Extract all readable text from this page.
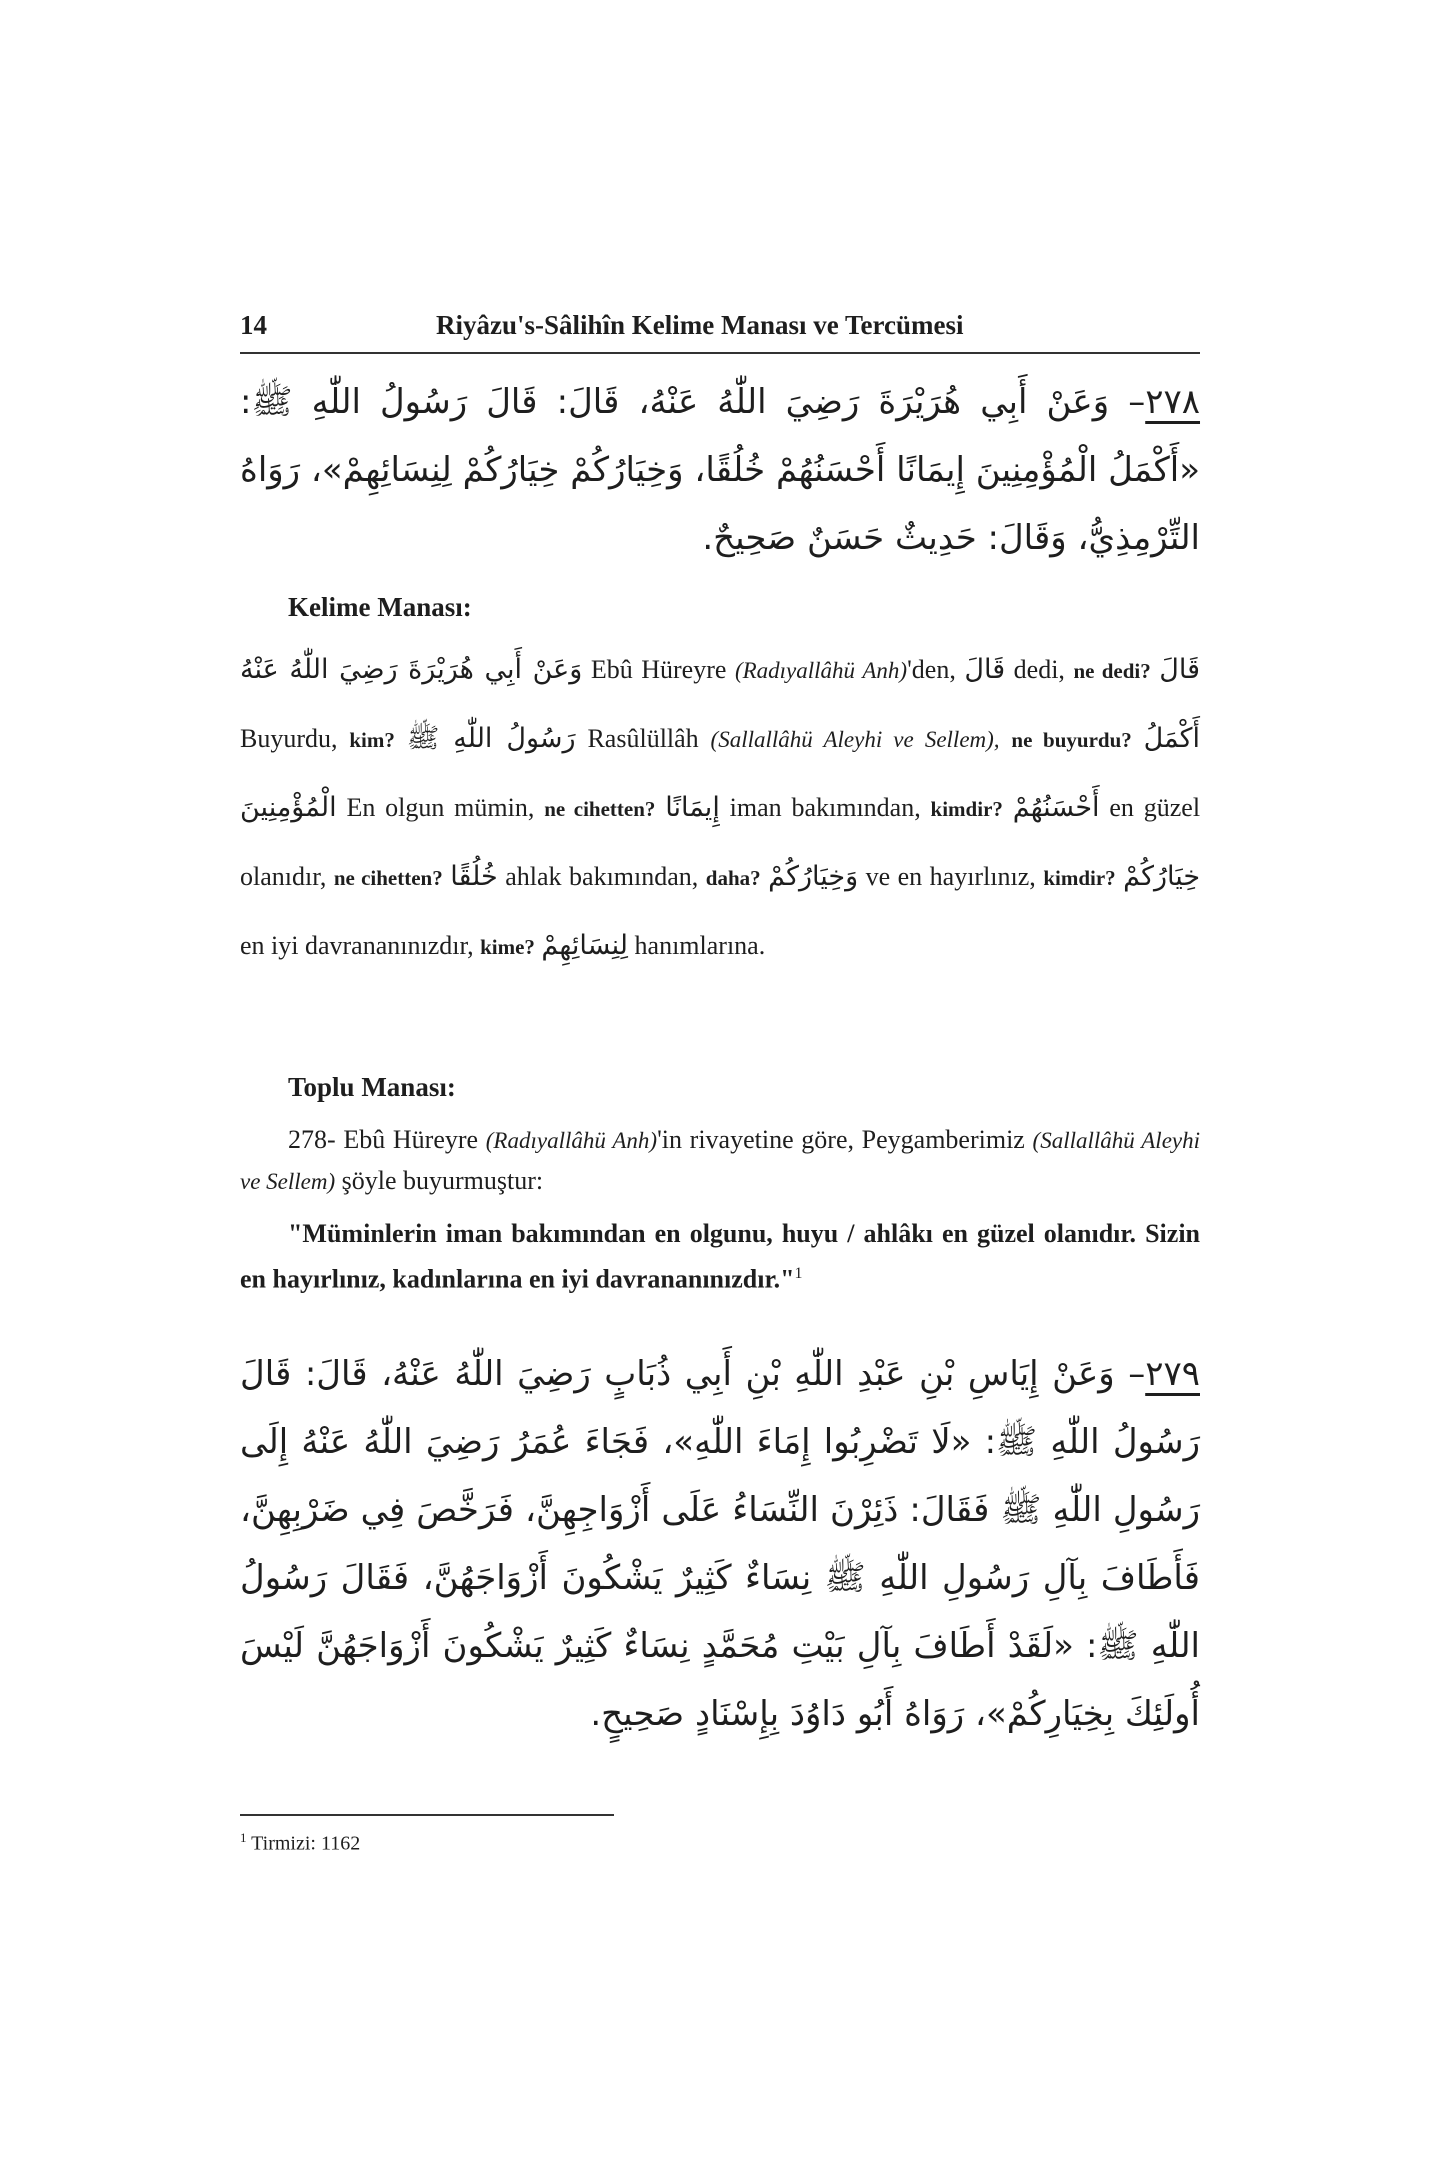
14	Riyâzu's-Sâlihîn Kelime Manası ve Tercümesi
٢٧٨– وَعَنْ أَبِي هُرَيْرَةَ رَضِيَ اللّٰهُ عَنْهُ، قَالَ: قَالَ رَسُولُ اللّٰهِ ﷺ: «أَكْمَلُ الْمُؤْمِنِينَ إِيمَانًا أَحْسَنُهُمْ خُلُقًا، وَخِيَارُكُمْ خِيَارُكُمْ لِنِسَائِهِمْ»، رَوَاهُ التِّرْمِذِيُّ، وَقَالَ: حَدِيثٌ حَسَنٌ صَحِيحٌ.
Kelime Manası:
وَعَنْ أَبِي هُرَيْرَةَ رَضِيَ اللّٰهُ عَنْهُ Ebû Hüreyre (Radıyallâhü Anh)'den, قَالَ dedi, ne dedi? قَالَ Buyurdu, kim? رَسُولُ اللّٰهِ ﷺ Rasûlüllâh (Sallallâhü Aleyhi ve Sellem), ne buyurdu? أَكْمَلُ الْمُؤْمِنِينَ En olgun mümin, ne cihetten? إِيمَانًا iman bakımından, kimdir? أَحْسَنُهُمْ en güzel olanıdır, ne cihetten? خُلُقًا ahlak bakımından, daha? وَخِيَارُكُمْ ve en hayırlınız, kimdir? خِيَارُكُمْ en iyi davrananınızdır, kime? لِنِسَائِهِمْ hanımlarına.
Toplu Manası:

278- Ebû Hüreyre (Radıyallâhü Anh)'in rivayetine göre, Peygamberimiz (Sallallâhü Aleyhi ve Sellem) şöyle buyurmuştur:

"Müminlerin iman bakımından en olgunu, huyu / ahlâkı en güzel olanıdır. Sizin en hayırlınız, kadınlarına en iyi davrananınızdır."$^1$

٢٧٩– وَعَنْ إِيَاسِ بْنِ عَبْدِ اللّٰهِ بْنِ أَبِي ذُبَابٍ رَضِيَ اللّٰهُ عَنْهُ، قَالَ: قَالَ رَسُولُ اللّٰهِ ﷺ: «لَا تَضْرِبُوا إِمَاءَ اللّٰهِ»، فَجَاءَ عُمَرُ رَضِيَ اللّٰهُ عَنْهُ إِلَى رَسُولِ اللّٰهِ ﷺ فَقَالَ: ذَئِرْنَ النِّسَاءُ عَلَى أَزْوَاجِهِنَّ، فَرَخَّصَ فِي ضَرْبِهِنَّ، فَأَطَافَ بِآلِ رَسُولِ اللّٰهِ ﷺ نِسَاءٌ كَثِيرٌ يَشْكُونَ أَزْوَاجَهُنَّ، فَقَالَ رَسُولُ اللّٰهِ ﷺ: «لَقَدْ أَطَافَ بِآلِ بَيْتِ مُحَمَّدٍ نِسَاءٌ كَثِيرٌ يَشْكُونَ أَزْوَاجَهُنَّ لَيْسَ أُولَئِكَ بِخِيَارِكُمْ»، رَوَاهُ أَبُو دَاوُدَ بِإِسْنَادٍ صَحِيحٍ.
$^1$ Tirmizi: 1162
